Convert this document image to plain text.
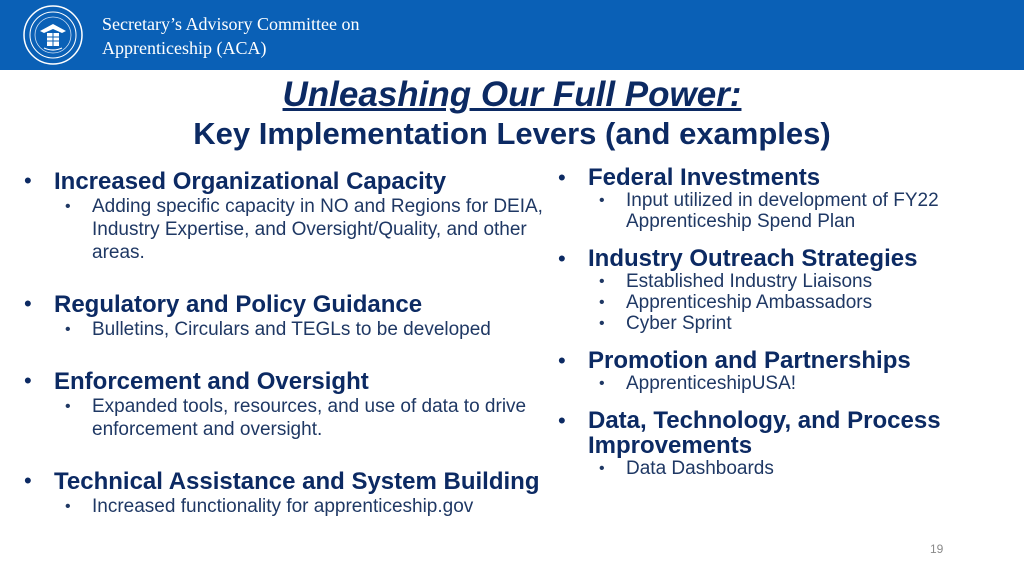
Secretary’s Advisory Committee on
Apprenticeship (ACA)
Unleashing Our Full Power:
Key Implementation Levers (and examples)
• Increased Organizational Capacity
• Adding specific capacity in NO and Regions for DEIA, Industry Expertise, and Oversight/Quality, and other areas.
• Regulatory and Policy Guidance
• Bulletins, Circulars and TEGLs to be developed
• Enforcement and Oversight
• Expanded tools, resources, and use of data to drive enforcement and oversight.
• Technical Assistance and System Building
• Increased functionality for apprenticeship.gov
• Federal Investments
• Input utilized in development of FY22 Apprenticeship Spend Plan
• Industry Outreach Strategies
• Established Industry Liaisons
• Apprenticeship Ambassadors
• Cyber Sprint
• Promotion and Partnerships
• ApprenticeshipUSA!
• Data, Technology, and Process Improvements
• Data Dashboards
19
